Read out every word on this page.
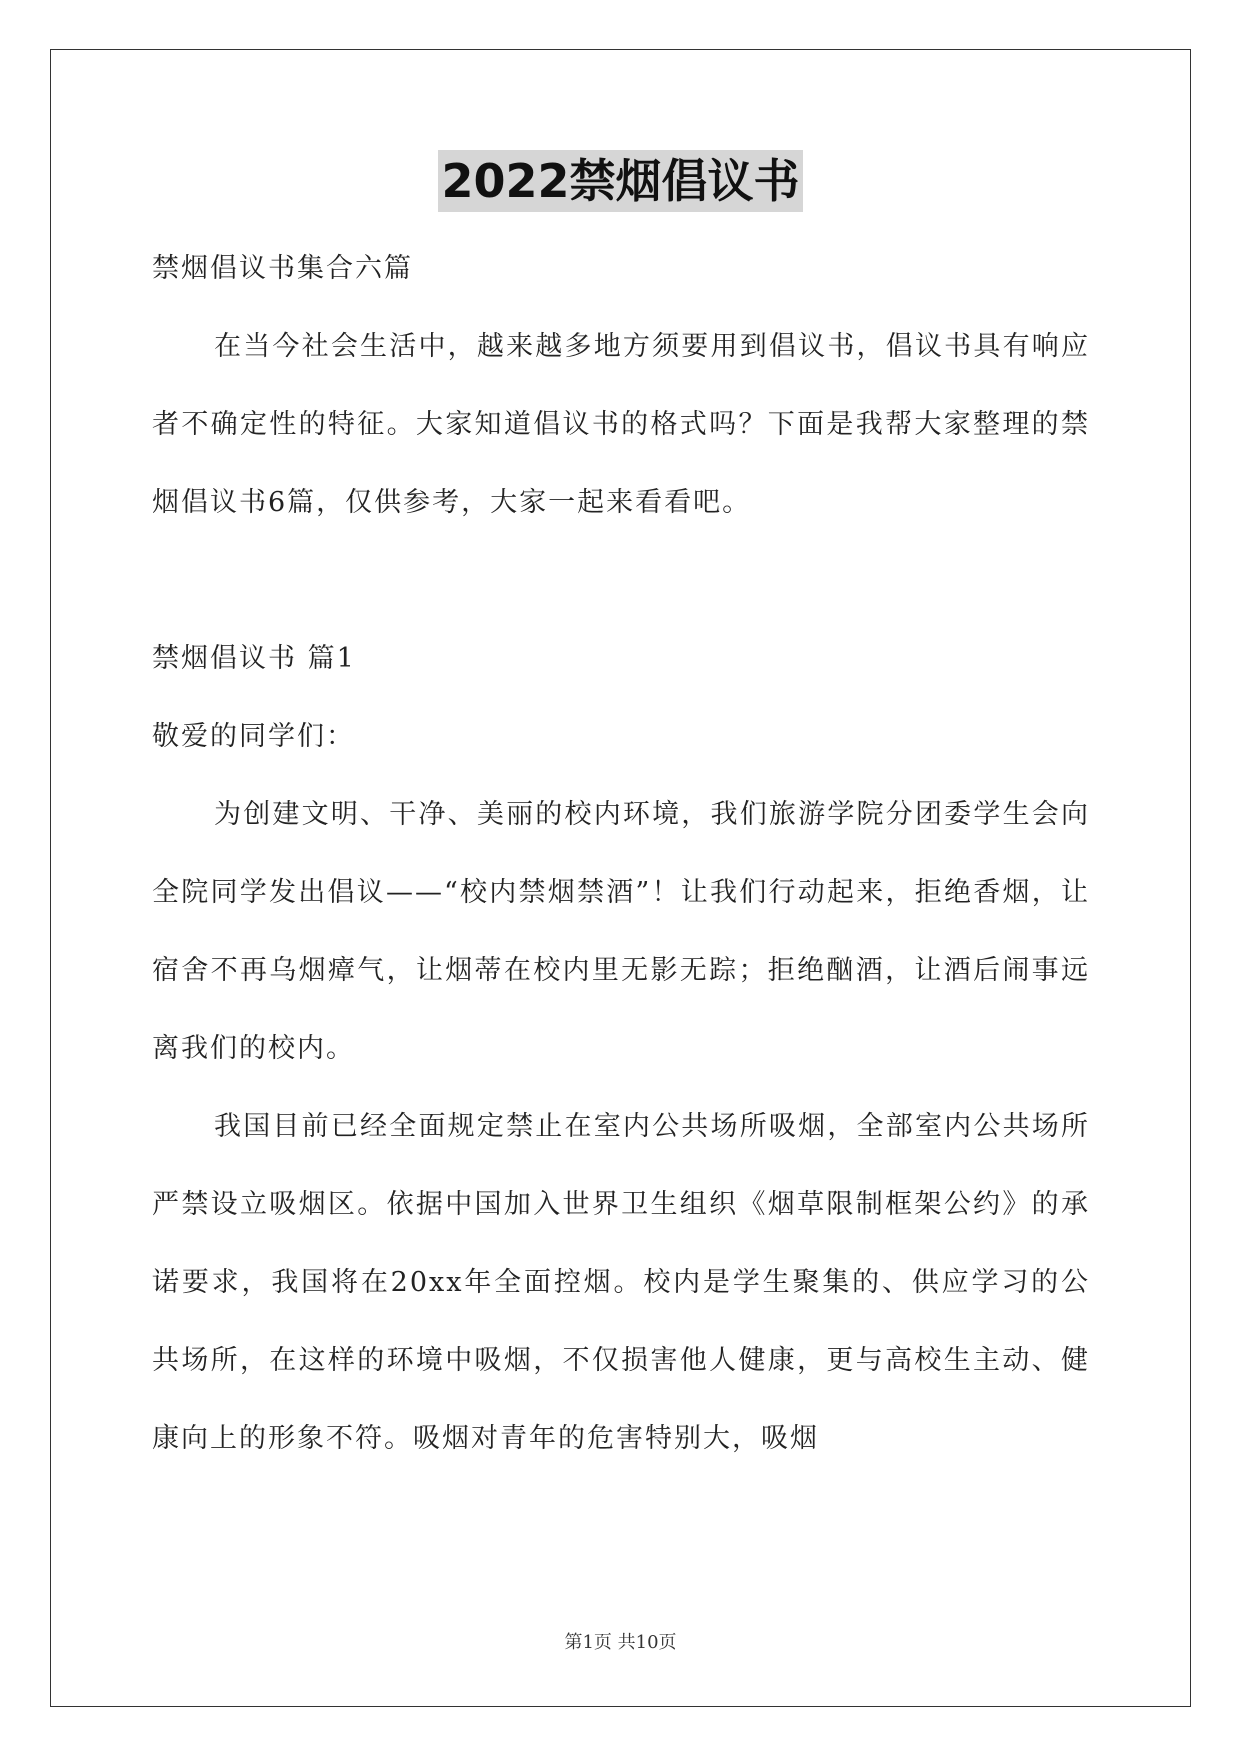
2022禁烟倡议书

禁烟倡议书集合六篇

在当今社会生活中，越来越多地方须要用到倡议书，倡议书具有响应者不确定性的特征。大家知道倡议书的格式吗？下面是我帮大家整理的禁烟倡议书6篇，仅供参考，大家一起来看看吧。

禁烟倡议书 篇1

敬爱的同学们：

为创建文明、干净、美丽的校内环境，我们旅游学院分团委学生会向全院同学发出倡议——“校内禁烟禁酒”！让我们行动起来，拒绝香烟，让宿舍不再乌烟瘴气，让烟蒂在校内里无影无踪；拒绝酗酒，让酒后闹事远离我们的校内。

我国目前已经全面规定禁止在室内公共场所吸烟，全部室内公共场所严禁设立吸烟区。依据中国加入世界卫生组织《烟草限制框架公约》的承诺要求，我国将在20xx年全面控烟。校内是学生聚集的、供应学习的公共场所，在这样的环境中吸烟，不仅损害他人健康，更与高校生主动、健康向上的形象不符。吸烟对青年的危害特别大，吸烟

第1页 共10页
